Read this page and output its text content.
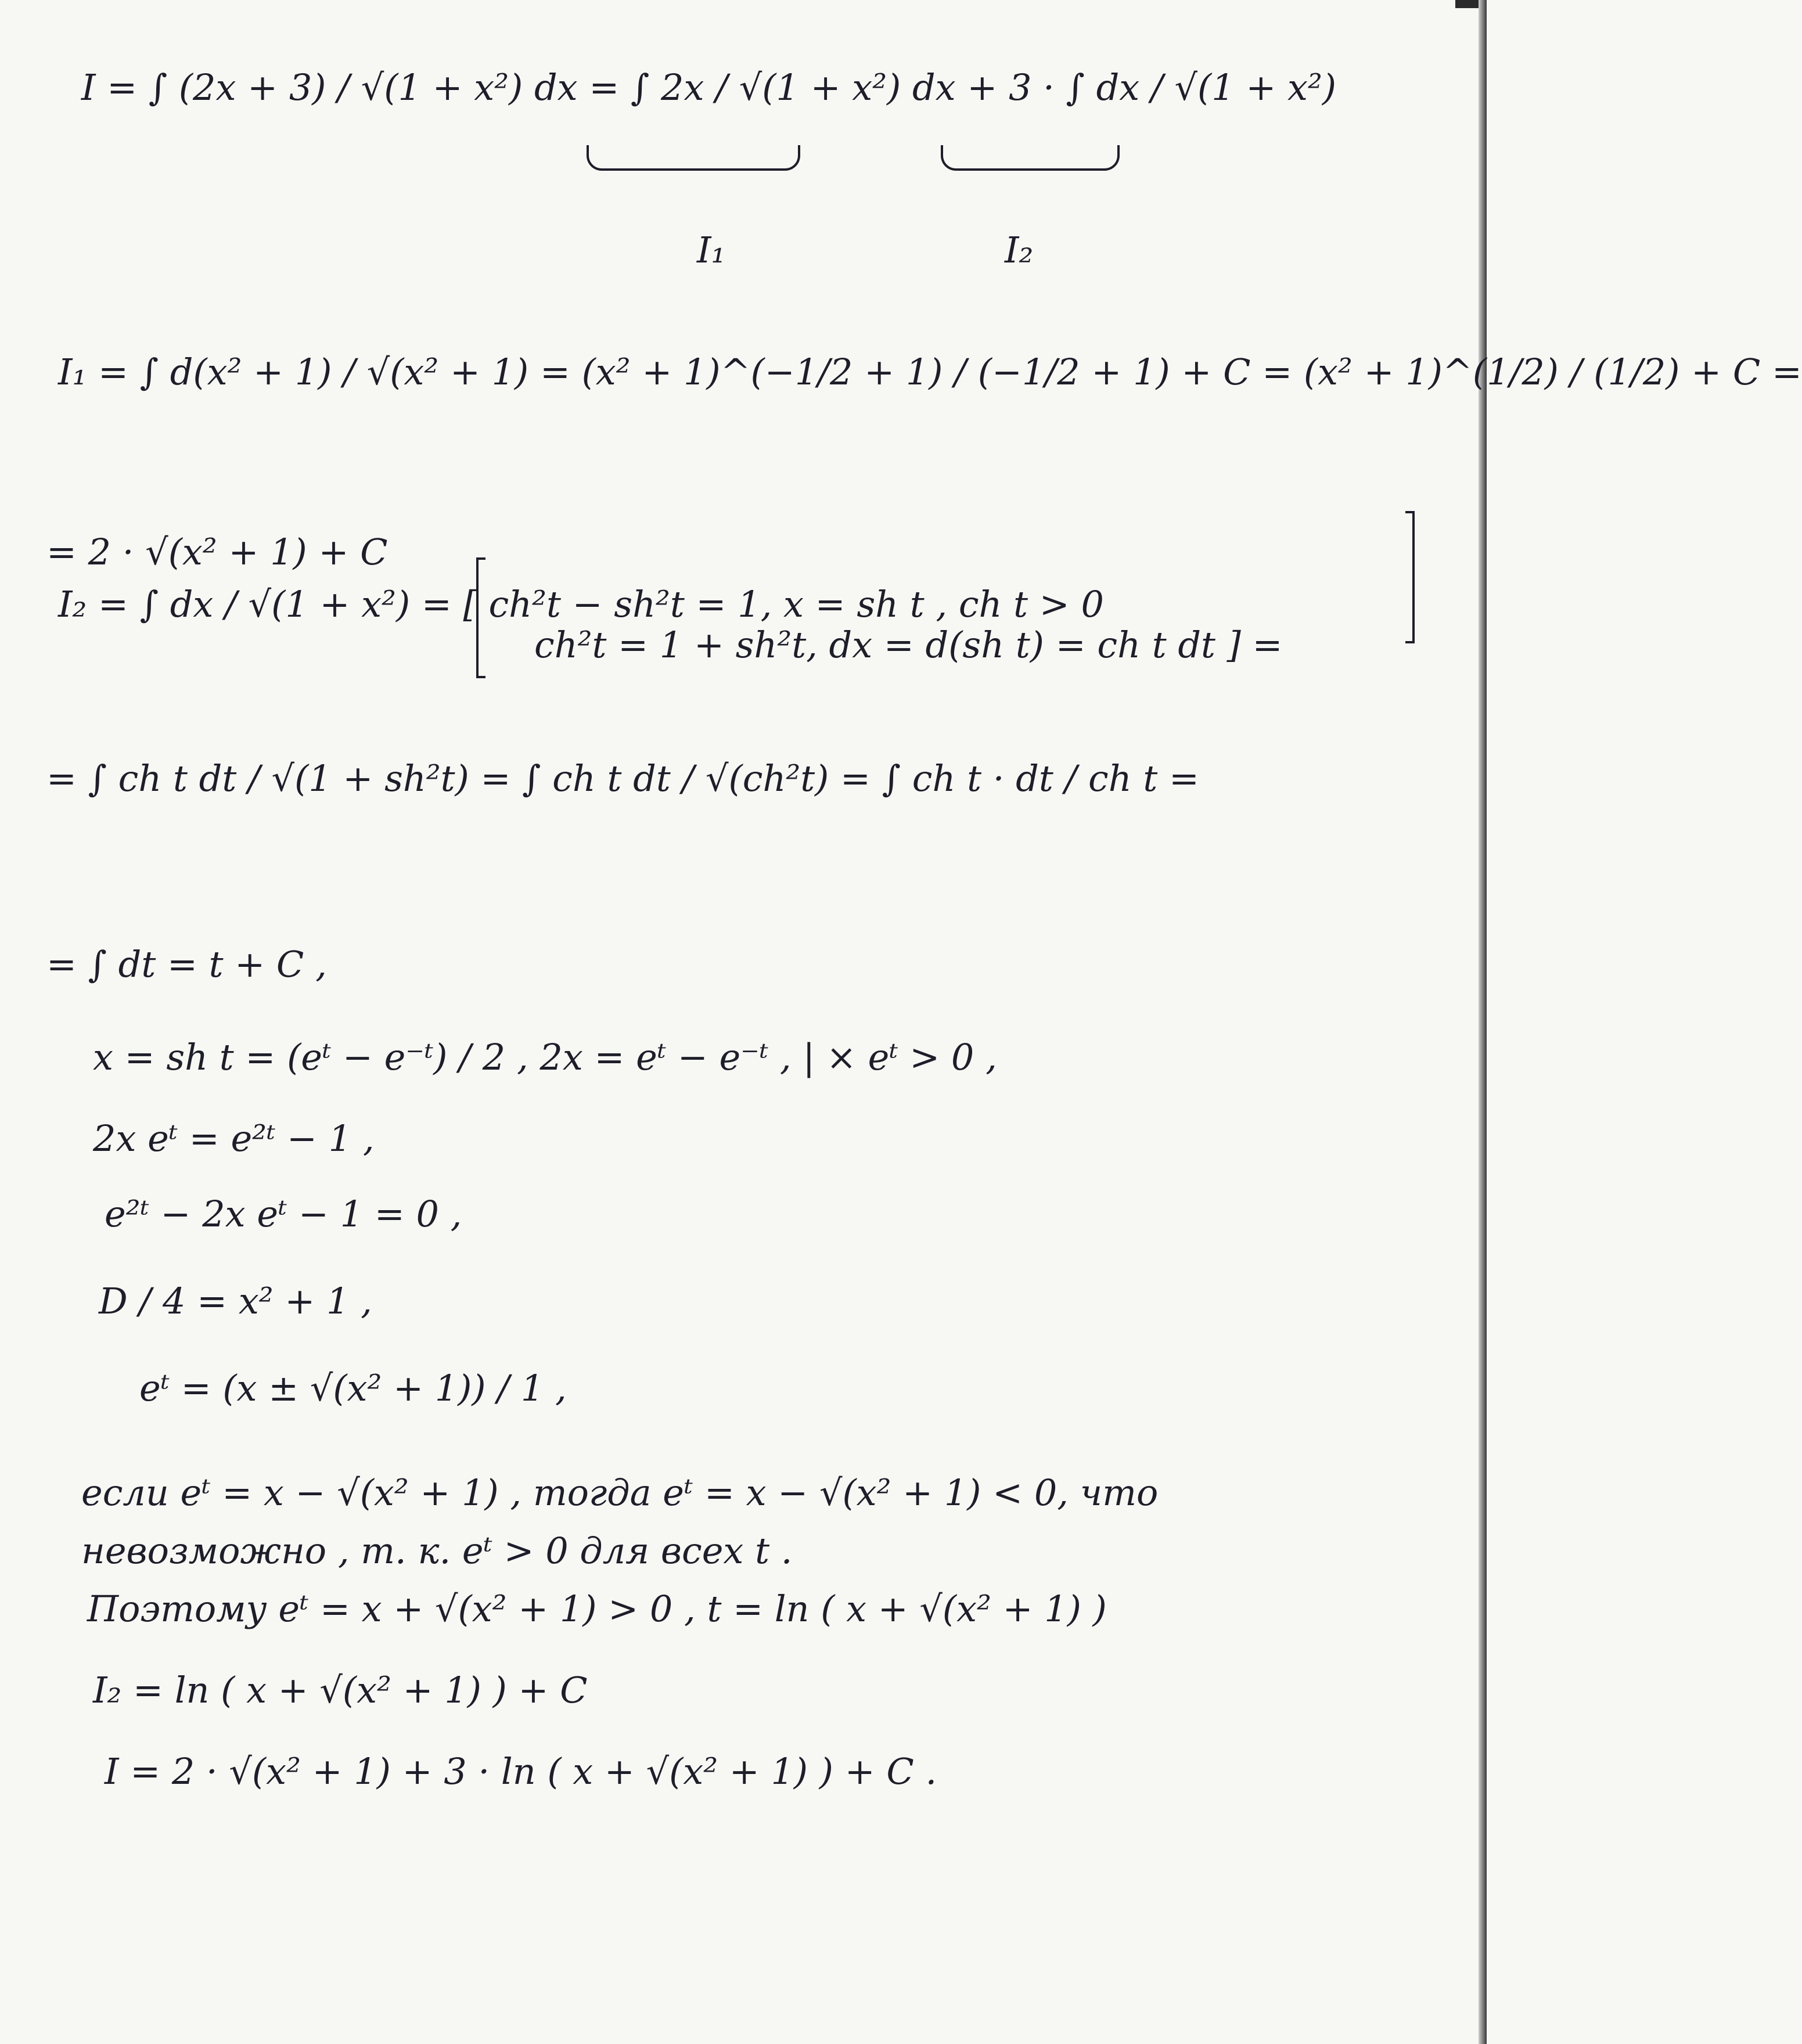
I = ∫ (2x + 3) / √(1 + x²) dx = ∫ 2x / √(1 + x²) dx + 3 · ∫ dx / √(1 + x²)
I₁	I₂
I₁ = ∫ d(x² + 1) / √(x² + 1) = (x² + 1)^(−1/2 + 1) / (−1/2 + 1) + C = (x² + 1)^(1/2) / (1/2) + C =
= 2 · √(x² + 1) + C
I₂ = ∫ dx / √(1 + x²) = [ ch²t − sh²t = 1, x = sh t , ch t > 0
ch²t = 1 + sh²t, dx = d(sh t) = ch t dt ] =
= ∫ ch t dt / √(1 + sh²t) = ∫ ch t dt / √(ch²t) = ∫ ch t · dt / ch t =
= ∫ dt = t + C ,
x = sh t = (eᵗ − e⁻ᵗ) / 2 , 2x = eᵗ − e⁻ᵗ , | × eᵗ > 0 ,
2x eᵗ = e²ᵗ − 1 ,
e²ᵗ − 2x eᵗ − 1 = 0 ,
D / 4 = x² + 1 ,
eᵗ = (x ± √(x² + 1)) / 1 ,
если eᵗ = x − √(x² + 1) , тогда eᵗ = x − √(x² + 1) < 0, что
невозможно , т. к. eᵗ > 0 для всех t .
Поэтому eᵗ = x + √(x² + 1) > 0 , t = ln ( x + √(x² + 1) )
I₂ = ln ( x + √(x² + 1) ) + C
I = 2 · √(x² + 1) + 3 · ln ( x + √(x² + 1) ) + C .
